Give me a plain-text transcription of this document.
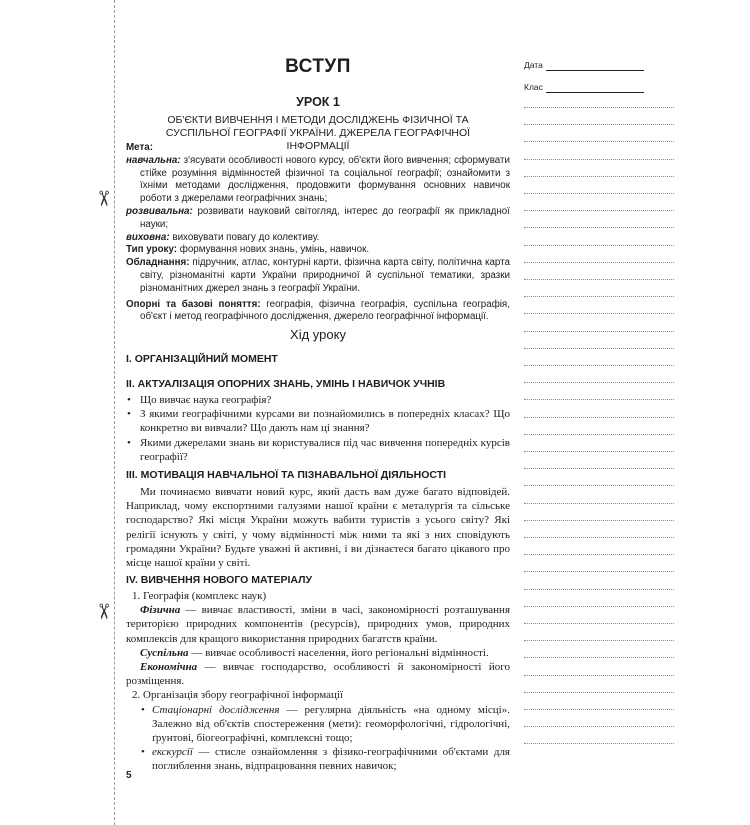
✂
✂
ВСТУП
УРОК 1
ОБ'ЄКТИ ВИВЧЕННЯ І МЕТОДИ ДОСЛІДЖЕНЬ ФІЗИЧНОЇ ТА СУСПІЛЬНОЇ ГЕОГРАФІЇ УКРАЇНИ. ДЖЕРЕЛА ГЕОГРАФІЧНОЇ ІНФОРМАЦІЇ
Мета:
навчальна: з'ясувати особливості нового курсу, об'єкти його вивчення; сформувати стійке розуміння відмінностей фізичної та соціальної географії; ознайомити з їхніми методами дослідження, продовжити формування основних навичок роботи з джерелами географічних знань;
розвивальна: розвивати науковий світогляд, інтерес до географії як прикладної науки;
виховна: виховувати повагу до колективу.
Тип уроку: формування нових знань, умінь, навичок.
Обладнання: підручник, атлас, контурні карти, фізична карта світу, політична карта світу, різноманітні карти України природничої й суспільної тематики, зразки різноманітних джерел знань з географії України.
Опорні та базові поняття: географія, фізична географія, суспільна географія, об'єкт і метод географічного дослідження, джерело географічної інформації.
Хід уроку
І. ОРГАНІЗАЦІЙНИЙ МОМЕНТ
ІІ. АКТУАЛІЗАЦІЯ ОПОРНИХ ЗНАНЬ, УМІНЬ І НАВИЧОК УЧНІВ
• Що вивчає наука географія?
• З якими географічними курсами ви познайомились в попередніх класах? Що конкретно ви вивчали? Що дають нам ці знання?
• Якими джерелами знань ви користувалися під час вивчення попередніх курсів географії?
ІІІ. МОТИВАЦІЯ НАВЧАЛЬНОЇ ТА ПІЗНАВАЛЬНОЇ ДІЯЛЬНОСТІ

Ми починаємо вивчати новий курс, який дасть вам дуже багато відповідей. Наприклад, чому експортними галузями нашої країни є металургія та сільське господарство? Які місця України можуть вабити туристів з усього світу? Які релігії існують у світі, у чому відмінності між ними та які з них сповідують громадяни України? Будьте уважні й активні, і ви дізнаєтеся багато цікавого про місце нашої країни у світі.

ІV. ВИВЧЕННЯ НОВОГО МАТЕРІАЛУ
1. Географія (комплекс наук)

Фізична — вивчає властивості, зміни в часі, закономірності розташування територією природних компонентів (ресурсів), природних умов, природних комплексів для кращого використання природних багатств країни.

Суспільна — вивчає особливості населення, його регіональні відмінності.

Економічна — вивчає господарство, особливості й закономірності його розміщення.

2. Організація збору географічної інформації
• Стаціонарні дослідження — регулярна діяльність «на одному місці». Залежно від об'єктів спостереження (мети): геоморфологічні, гідрологічні, ґрунтові, біогеографічні, комплексні тощо;
• екскурсії — стисле ознайомлення з фізико-географічними об'єктами для поглиблення знань, відпрацювання певних навичок;
5
Дата
Клас
